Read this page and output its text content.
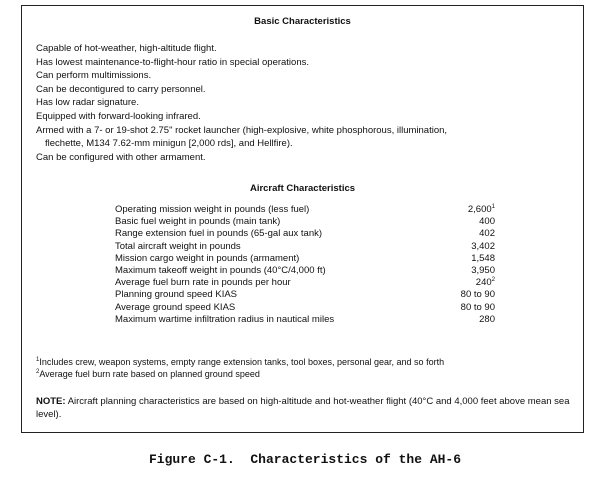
Basic Characteristics
Capable of hot-weather, high-altitude flight.
Has lowest maintenance-to-flight-hour ratio in special operations.
Can perform multimissions.
Can be decontigured to carry personnel.
Has low radar signature.
Equipped with forward-looking infrared.
Armed with a 7- or 19-shot 2.75" rocket launcher (high-explosive, white phosphorous, illumination,
flechette, M134 7.62-mm minigun [2,000 rds], and Hellfire).
Can be configured with other armament.
Aircraft Characteristics
Operating mission weight in pounds (less fuel)	2,600$^1$
Basic fuel weight in pounds (main tank)	400
Range extension fuel in pounds (65-gal aux tank)	402
Total aircraft weight in pounds	3,402
Mission cargo weight in pounds (armament)	1,548
Maximum takeoff weight in pounds (40°C/4,000 ft)	3,950
Average fuel burn rate in pounds per hour	$240^2$
Planning ground speed KIAS	80 to 90
Average ground speed KIAS	80 to 90
Maximum wartime infiltration radius in nautical miles	280
$^1$Includes crew, weapon systems, empty range extension tanks, tool boxes, personal gear, and so forth
$^2$Average fuel burn rate based on planned ground speed
NOTE: Aircraft planning characteristics are based on high-altitude and hot-weather flight (40°C and 4,000 feet above mean sea level).
Figure C-1.  Characteristics of the AH-6
